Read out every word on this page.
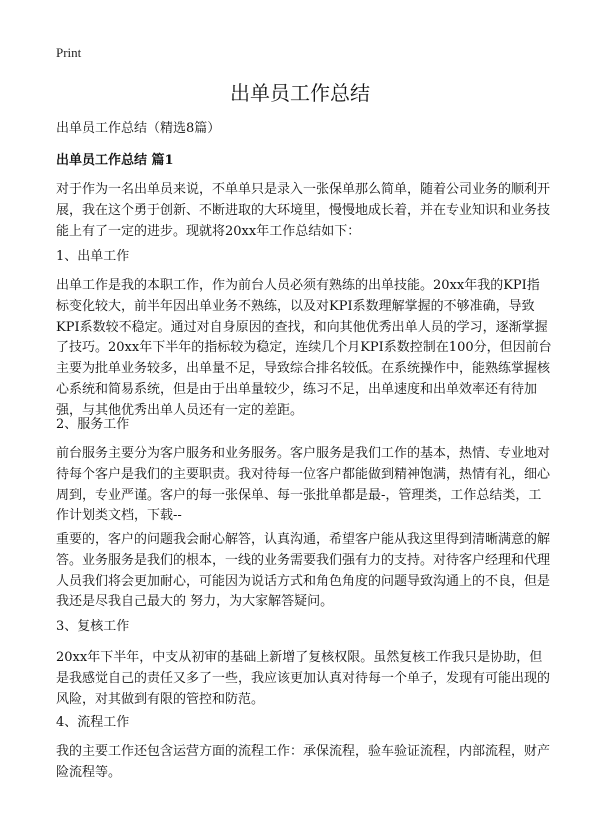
Print
出单员工作总结
出单员工作总结（精选8篇）
出单员工作总结 篇1

对于作为一名出单员来说，不单单只是录入一张保单那么简单，随着公司业务的顺利开展，我在这个勇于创新、不断进取的大环境里，慢慢地成长着，并在专业知识和业务技能上有了一定的进步。现就将20xx年工作总结如下：

1、出单工作

出单工作是我的本职工作，作为前台人员必须有熟练的出单技能。20xx年我的KPI指标变化较大，前半年因出单业务不熟练，以及对KPI系数理解掌握的不够准确，导致KPI系数较不稳定。通过对自身原因的查找，和向其他优秀出单人员的学习，逐渐掌握了技巧。20xx年下半年的指标较为稳定，连续几个月KPI系数控制在100分，但因前台主要为批单业务较多，出单量不足，导致综合排名较低。在系统操作中，能熟练掌握核心系统和简易系统，但是由于出单量较少，练习不足，出单速度和出单效率还有待加强，与其他优秀出单人员还有一定的差距。

2、服务工作

前台服务主要分为客户服务和业务服务。客户服务是我们工作的基本，热情、专业地对待每个客户是我们的主要职责。我对待每一位客户都能做到精神饱满，热情有礼，细心周到，专业严谨。客户的每一张保单、每一张批单都是最-，管理类，工作总结类，工作计划类文档，下载--

重要的，客户的问题我会耐心解答，认真沟通，希望客户能从我这里得到清晰满意的解答。业务服务是我们的根本，一线的业务需要我们强有力的支持。对待客户经理和代理人员我们将会更加耐心，可能因为说话方式和角色角度的问题导致沟通上的不良，但是我还是尽我自己最大的 努力，为大家解答疑问。

3、复核工作

20xx年下半年，中支从初审的基础上新增了复核权限。虽然复核工作我只是协助，但是我感觉自己的责任又多了一些，我应该更加认真对待每一个单子，发现有可能出现的风险，对其做到有限的管控和防范。

4、流程工作

我的主要工作还包含运营方面的流程工作：承保流程，验车验证流程，内部流程，财产险流程等。
